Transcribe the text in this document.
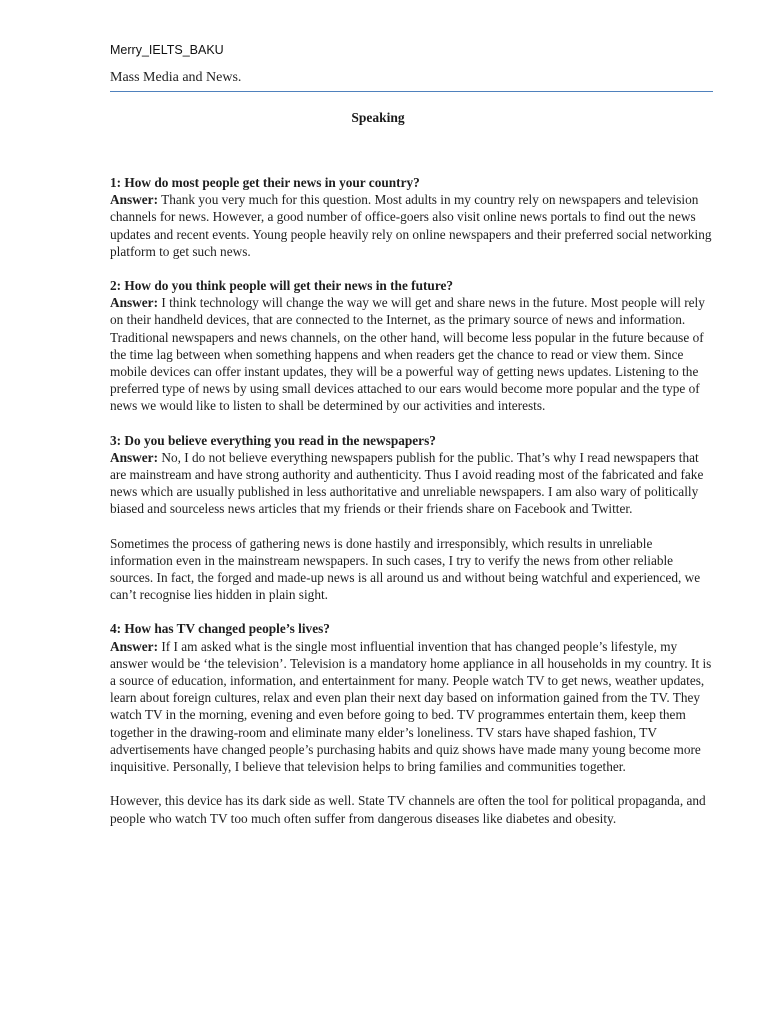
Merry_IELTS_BAKU
Mass Media and News.
Speaking

1: How do most people get their news in your country?

Answer: Thank you very much for this question. Most adults in my country rely on newspapers and television channels for news. However, a good number of office-goers also visit online news portals to find out the news updates and recent events. Young people heavily rely on online newspapers and their preferred social networking platform to get such news.

2: How do you think people will get their news in the future?

Answer: I think technology will change the way we will get and share news in the future. Most people will rely on their handheld devices, that are connected to the Internet, as the primary source of news and information. Traditional newspapers and news channels, on the other hand, will become less popular in the future because of the time lag between when something happens and when readers get the chance to read or view them. Since mobile devices can offer instant updates, they will be a powerful way of getting news updates. Listening to the preferred type of news by using small devices attached to our ears would become more popular and the type of news we would like to listen to shall be determined by our activities and interests.

3: Do you believe everything you read in the newspapers?

Answer: No, I do not believe everything newspapers publish for the public. That’s why I read newspapers that are mainstream and have strong authority and authenticity. Thus I avoid reading most of the fabricated and fake news which are usually published in less authoritative and unreliable newspapers. I am also wary of politically biased and sourceless news articles that my friends or their friends share on Facebook and Twitter.

Sometimes the process of gathering news is done hastily and irresponsibly, which results in unreliable information even in the mainstream newspapers. In such cases, I try to verify the news from other reliable sources. In fact, the forged and made-up news is all around us and without being watchful and experienced, we can’t recognise lies hidden in plain sight.

4: How has TV changed people’s lives?

Answer: If I am asked what is the single most influential invention that has changed people’s lifestyle, my answer would be ‘the television’. Television is a mandatory home appliance in all households in my country. It is a source of education, information, and entertainment for many. People watch TV to get news, weather updates, learn about foreign cultures, relax and even plan their next day based on information gained from the TV. They watch TV in the morning, evening and even before going to bed. TV programmes entertain them, keep them together in the drawing-room and eliminate many elder’s loneliness. TV stars have shaped fashion, TV advertisements have changed people’s purchasing habits and quiz shows have made many young become more inquisitive. Personally, I believe that television helps to bring families and communities together.

However, this device has its dark side as well. State TV channels are often the tool for political propaganda, and people who watch TV too much often suffer from dangerous diseases like diabetes and obesity.
